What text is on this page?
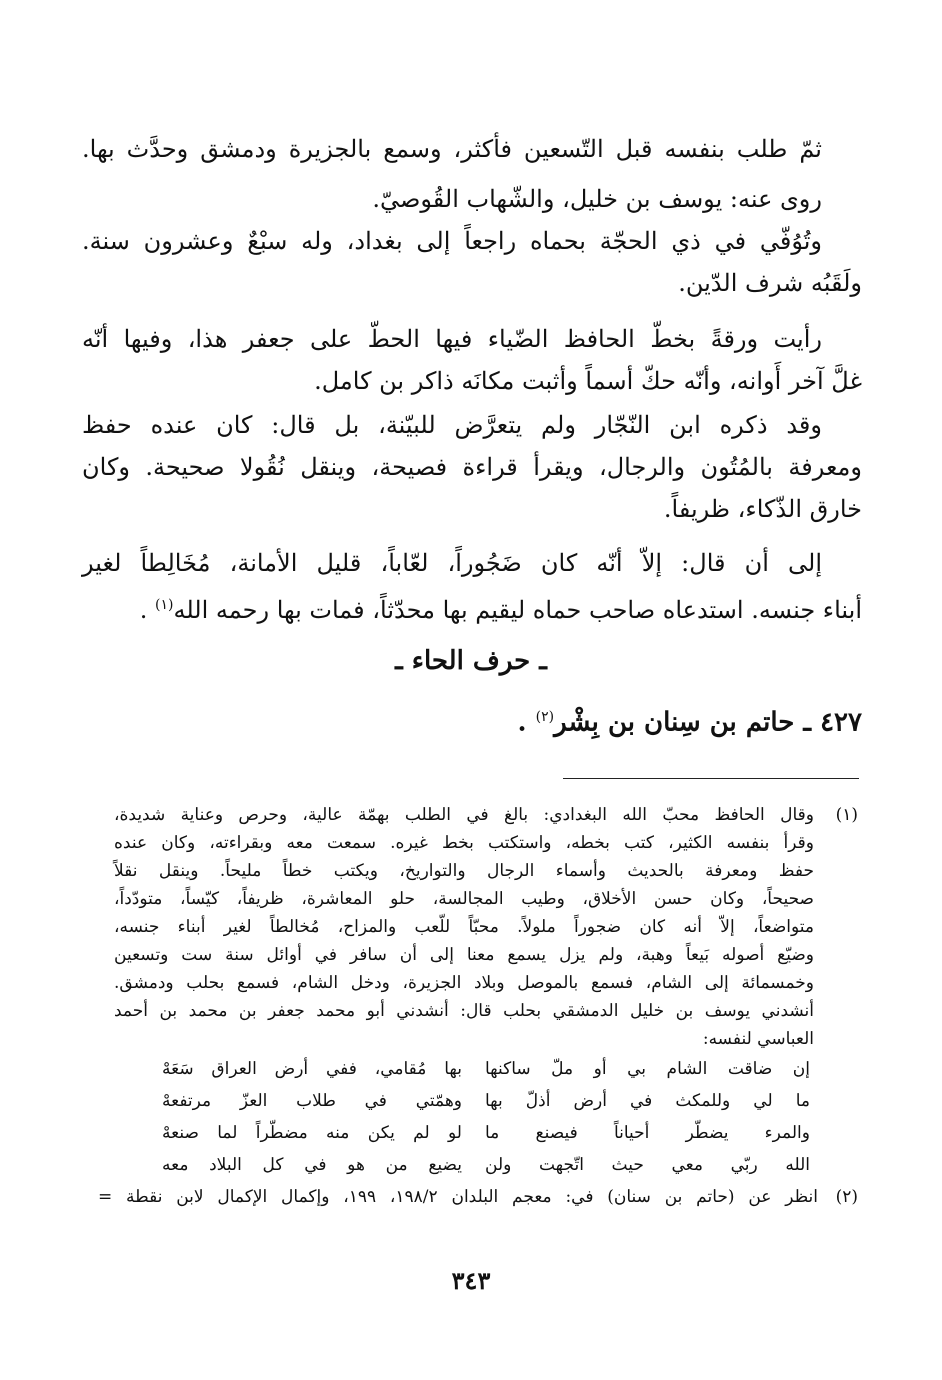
ثمّ طلب بنفسه قبل التّسعين فأكثر، وسمع بالجزيرة ودمشق وحدَّث بها.
روى عنه: يوسف بن خليل، والشّهاب القُوصيّ.
وتُوُفّي في ذي الحجّة بحماه راجعاً إلى بغداد، وله سبْعٌ وعشرون سنة.
ولَقَبُه شرف الدّين.
رأيت ورقةً بخطّ الحافظ الضّياء فيها الحطّ على جعفر هذا، وفيها أنّه
غلَّ آخر أَوانه، وأنّه حكّ أسماً وأثبت مكانَه ذاكر بن كامل.
وقد ذكره ابن النّجّار ولم يتعرَّض للبيّنة، بل قال: كان عنده حفظ
ومعرفة بالمُتُون والرجال، ويقرأ قراءة فصيحة، وينقل نُقُولا صحيحة. وكان
خارق الذّكاء، ظريفاً.
إلى أن قال: إلاّ أنّه كان ضَجُوراً، لعّاباً، قليل الأمانة، مُخَالِطاً لغير
أبناء جنسه. استدعاه صاحب حماه ليقيم بها محدّثاً، فمات بها رحمه الله$^{(١)}$ .
ـ حرف الحاء ـ
٤٢٧ ـ حاتم بن سِنان بن بِشْر$^{(٢)}$ .
(١)
وقال الحافظ محبّ الله البغدادي: بالغ في الطلب بهمّة عالية، وحرص وعناية شديدة،
وقرأ بنفسه الكثير، كتب بخطه، واستكتب بخط غيره. سمعت معه وبقراءته، وكان عنده
حفظ ومعرفة بالحديث وأسماء الرجال والتواريخ، ويكتب خطاً مليحاً. وينقل نقلاً
صحيحاً، وكان حسن الأخلاق، وطيب المجالسة، حلو المعاشرة، ظريفاً، كيّساً، متودّداً،
متواضعاً، إلاّ أنه كان ضجوراً ملولاً. محبّاً للّعب والمزاح، مُخالطاً لغير أبناء جنسه،
وضيّع أصوله بَيعاً وهبة، ولم يزل يسمع معنا إلى أن سافر في أوائل سنة ست وتسعين
وخمسمائة إلى الشام، فسمع بالموصل وبلاد الجزيرة، ودخل الشام، فسمع بحلب ودمشق.
أنشدني يوسف بن خليل الدمشقي بحلب قال: أنشدني أبو محمد جعفر بن محمد بن أحمد
العباسي لنفسه:
إن ضاقت الشام بي أو ملّ ساكنها
بها مُقامي، ففي أرض العراق سَعَهْ
ما لي وللمكث في أرض أذلّ بها
وهمّتي في طلاب العزّ مرتفعهْ
والمرء يضطّر أحياناً فيصنع ما
لو لم يكن منه مضطّراً لما صنعهْ
الله ربّي معي حيث اتّجهت ولن
يضيع من هو في كل البلاد معه
(٢)
انظر عن (حاتم بن سنان) في: معجم البلدان ١٩٨/٢، ١٩٩، وإكمال الإكمال لابن نقطة =
٣٤٣
